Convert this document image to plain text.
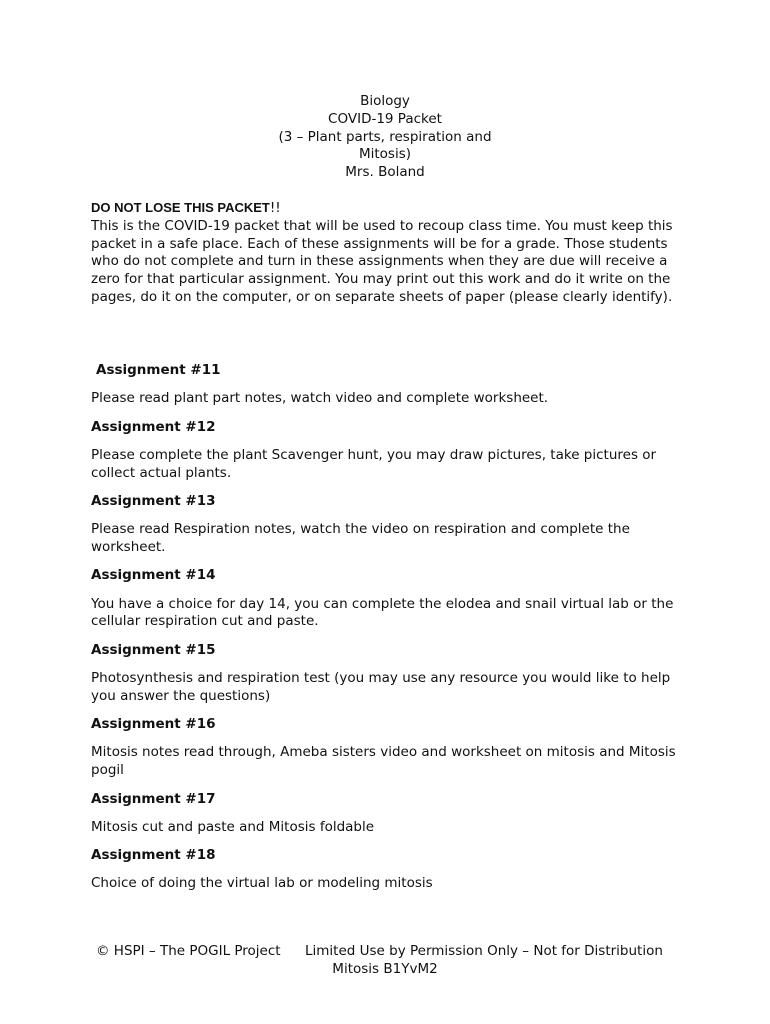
Biology
COVID-19 Packet
(3 – Plant parts, respiration and
Mitosis)
Mrs. Boland
DO NOT LOSE THIS PACKET!!
This is the COVID-19 packet that will be used to recoup class time. You must keep this packet in a safe place. Each of these assignments will be for a grade. Those students who do not complete and turn in these assignments when they are due will receive a zero for that particular assignment. You may print out this work and do it write on the pages, do it on the computer, or on separate sheets of paper (please clearly identify).
Assignment #11
Please read plant part notes, watch video and complete worksheet.
Assignment #12
Please complete the plant Scavenger hunt, you may draw pictures, take pictures or collect actual plants.
Assignment #13
Please read Respiration notes, watch the video on respiration and complete the worksheet.
Assignment #14
You have a choice for day 14, you can complete the elodea and snail virtual lab or the cellular respiration cut and paste.
Assignment #15
Photosynthesis and respiration test (you may use any resource you would like to help you answer the questions)
Assignment #16
Mitosis notes read through, Ameba sisters video and worksheet on mitosis and Mitosis pogil
Assignment #17
Mitosis cut and paste and Mitosis foldable
Assignment #18
Choice of doing the virtual lab or modeling mitosis
© HSPI – The POGIL Project Limited Use by Permission Only – Not for Distribution
Mitosis B1YvM2
